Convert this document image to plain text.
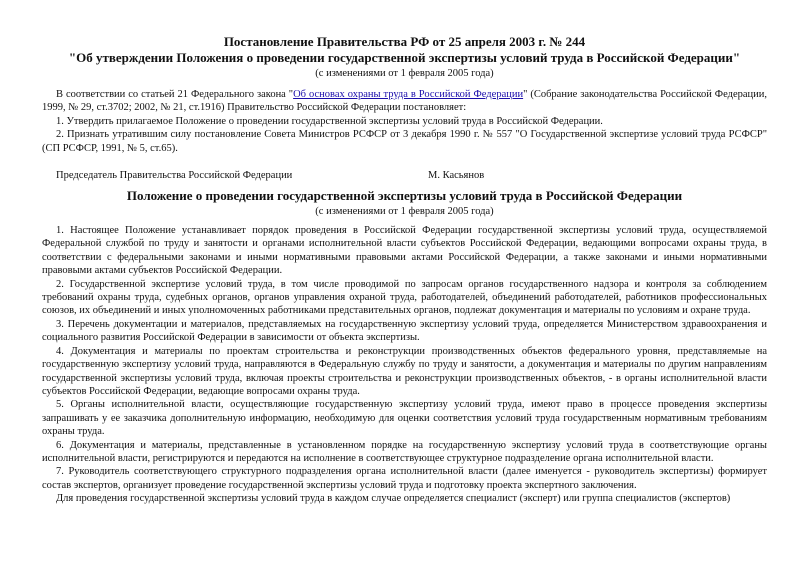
Постановление Правительства РФ от 25 апреля 2003 г. № 244
"Об утверждении Положения о проведении государственной экспертизы условий труда в Российской Федерации"
(с изменениями от 1 февраля 2005 года)

В соответствии со статьей 21 Федерального закона "Об основах охраны труда в Российской Федерации" (Собрание законодательства Российской Федерации, 1999, № 29, ст.3702; 2002, № 21, ст.1916) Правительство Российской Федерации постановляет:

1. Утвердить прилагаемое Положение о проведении государственной экспертизы условий труда в Российской Федерации.

2. Признать утратившим силу постановление Совета Министров РСФСР от 3 декабря 1990 г. № 557 "О Государственной экспертизе условий труда РСФСР" (СП РСФСР, 1991, № 5, ст.65).

Председатель Правительства Российской Федерации	М. Касьянов
Положение о проведении государственной экспертизы условий труда в Российской Федерации
(с изменениями от 1 февраля 2005 года)

1. Настоящее Положение устанавливает порядок проведения в Российской Федерации государственной экспертизы условий труда, осуществляемой Федеральной службой по труду и занятости и органами исполнительной власти субъектов Российской Федерации, ведающими вопросами охраны труда, в соответствии с федеральными законами и иными нормативными правовыми актами Российской Федерации, а также законами и иными нормативными правовыми актами субъектов Российской Федерации.

2. Государственной экспертизе условий труда, в том числе проводимой по запросам органов государственного надзора и контроля за соблюдением требований охраны труда, судебных органов, органов управления охраной труда, работодателей, объединений работодателей, работников профессиональных союзов, их объединений и иных уполномоченных работниками представительных органов, подлежат документация и материалы по условиям и охране труда.

3. Перечень документации и материалов, представляемых на государственную экспертизу условий труда, определяется Министерством здравоохранения и социального развития Российской Федерации в зависимости от объекта экспертизы.

4. Документация и материалы по проектам строительства и реконструкции производственных объектов федерального уровня, представляемые на государственную экспертизу условий труда, направляются в Федеральную службу по труду и занятости, а документация и материалы по другим направлениям государственной экспертизы условий труда, включая проекты строительства и реконструкции производственных объектов, - в органы исполнительной власти субъектов Российской Федерации, ведающие вопросами охраны труда.

5. Органы исполнительной власти, осуществляющие государственную экспертизу условий труда, имеют право в процессе проведения экспертизы запрашивать у ее заказчика дополнительную информацию, необходимую для оценки соответствия условий труда государственным нормативным требованиям охраны труда.

6. Документация и материалы, представленные в установленном порядке на государственную экспертизу условий труда в соответствующие органы исполнительной власти, регистрируются и передаются на исполнение в соответствующее структурное подразделение органа исполнительной власти.

7. Руководитель соответствующего структурного подразделения органа исполнительной власти (далее именуется - руководитель экспертизы) формирует состав экспертов, организует проведение государственной экспертизы условий труда и подготовку проекта экспертного заключения.

Для проведения государственной экспертизы условий труда в каждом случае определяется специалист (эксперт) или группа специалистов (экспертов)
